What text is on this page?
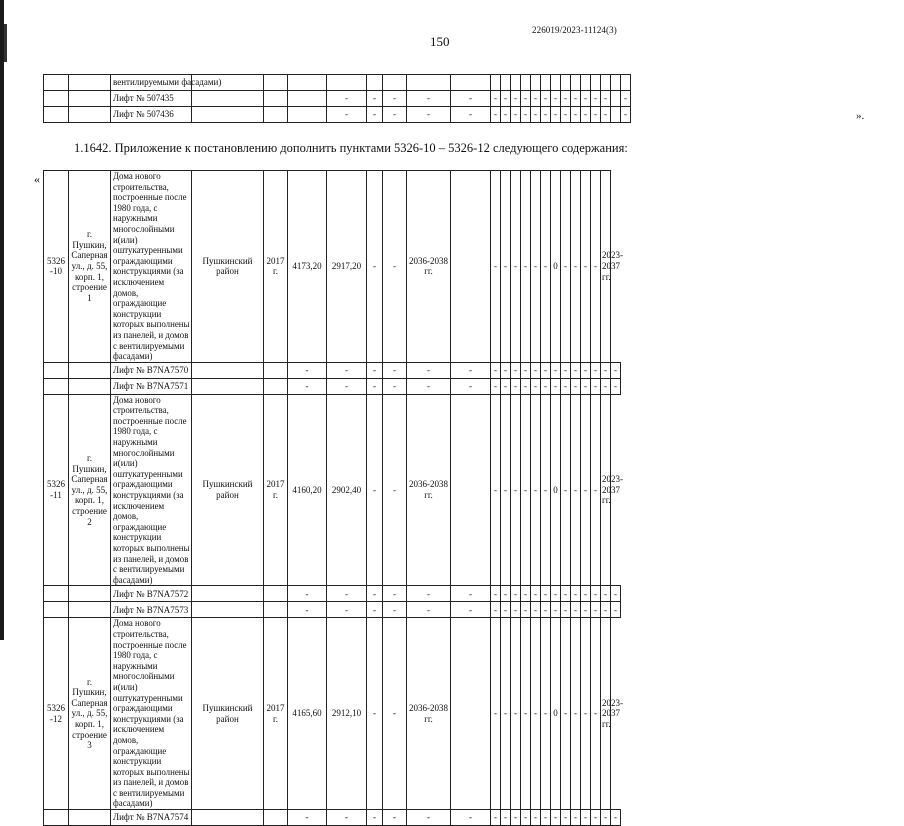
226019/2023-11124(3)
150
		вентилируемыми фасадами)																						
		Лифт № 507435				-	-	-	-	-	-	-	-	-	-	-	-	-	-	-	-	-		-
		Лифт № 507436				-	-	-	-	-	-	-	-	-	-	-	-	-	-	-	-	-		-	».
1.1642. Приложение к постановлению дополнить пунктами 5326-10 – 5326-12 следующего содержания:
«
5326 -10	г. Пушкин, Саперная ул., д. 55, корп. 1, строение 1	Дома нового строительства, построенные после 1980 года, с наружными многослойными и(или) оштукатуренными ограждающими конструкциями (за исключением домов, ограждающие конструкции которых выполнены из панелей, и домов с вентилируемыми фасадами)	Пушкинский район	2017 г.	4173,20	2917,20	-	-	2036-2038 гг.		-	-	-	-	-	-	0	-	-	-	-	2023-2037 гг.	
		Лифт № В7NA7570			-	-	-	-	-	-	-	-	-	-	-	-	-	-	-	-	-	-	-
		Лифт № В7NA7571			-	-	-	-	-	-	-	-	-	-	-	-	-	-	-	-	-	-	-
5326 -11	г. Пушкин, Саперная ул., д. 55, корп. 1, строение 2	Дома нового строительства, построенные после 1980 года, с наружными многослойными и(или) оштукатуренными ограждающими конструкциями (за исключением домов, ограждающие конструкции которых выполнены из панелей, и домов с вентилируемыми фасадами)	Пушкинский район	2017 г.	4160,20	2902,40	-	-	2036-2038 гг.		-	-	-	-	-	-	0	-	-	-	-	2023-2037 гг.	
		Лифт № В7NA7572			-	-	-	-	-	-	-	-	-	-	-	-	-	-	-	-	-	-	-
		Лифт № В7NA7573			-	-	-	-	-	-	-	-	-	-	-	-	-	-	-	-	-	-	-
5326 -12	г. Пушкин, Саперная ул., д. 55, корп. 1, строение 3	Дома нового строительства, построенные после 1980 года, с наружными многослойными и(или) оштукатуренными ограждающими конструкциями (за исключением домов, ограждающие конструкции которых выполнены из панелей, и домов с вентилируемыми фасадами)	Пушкинский район	2017 г.	4165,60	2912,10	-	-	2036-2038 гг.		-	-	-	-	-	-	0	-	-	-	-	2023-2037 гг.	
		Лифт № В7NA7574			-	-	-	-	-	-	-	-	-	-	-	-	-	-	-	-	-	-	-
